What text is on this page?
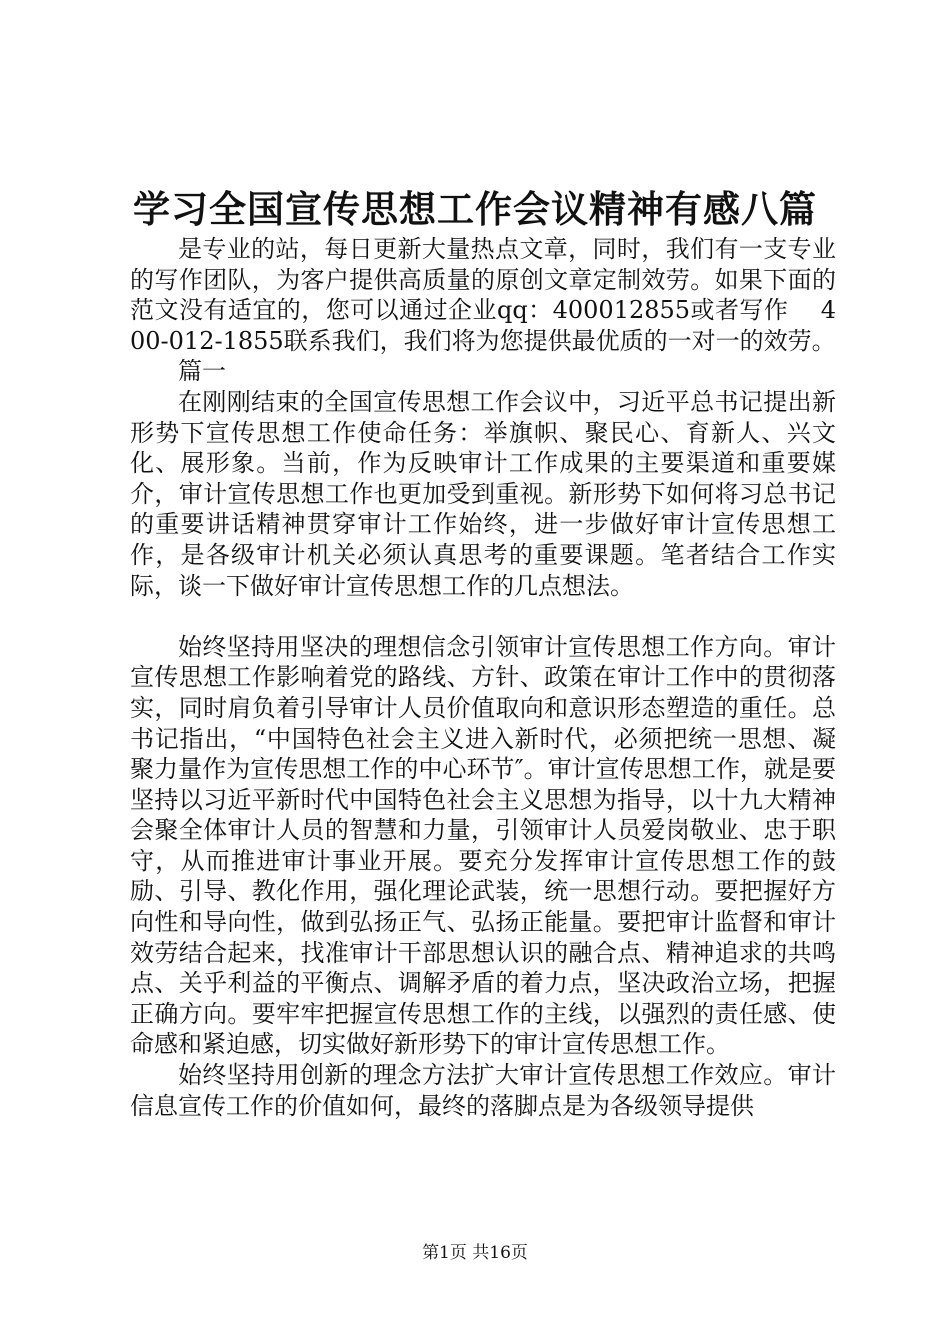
学习全国宣传思想工作会议精神有感八篇

是专业的站，每日更新大量热点文章，同时，我们有一支专业的写作团队，为客户提供高质量的原创文章定制效劳。如果下面的范文没有适宜的，您可以通过企业qq：400012855或者写作    400-012-1855联系我们，我们将为您提供最优质的一对一的效劳。

篇一

在刚刚结束的全国宣传思想工作会议中，习近平总书记提出新形势下宣传思想工作使命任务：举旗帜、聚民心、育新人、兴文化、展形象。当前，作为反映审计工作成果的主要渠道和重要媒介，审计宣传思想工作也更加受到重视。新形势下如何将习总书记的重要讲话精神贯穿审计工作始终，进一步做好审计宣传思想工作，是各级审计机关必须认真思考的重要课题。笔者结合工作实际，谈一下做好审计宣传思想工作的几点想法。

始终坚持用坚决的理想信念引领审计宣传思想工作方向。审计宣传思想工作影响着党的路线、方针、政策在审计工作中的贯彻落实，同时肩负着引导审计人员价值取向和意识形态塑造的重任。总书记指出，“中国特色社会主义进入新时代，必须把统一思想、凝聚力量作为宣传思想工作的中心环节″。审计宣传思想工作，就是要坚持以习近平新时代中国特色社会主义思想为指导，以十九大精神会聚全体审计人员的智慧和力量，引领审计人员爱岗敬业、忠于职守，从而推进审计事业开展。要充分发挥审计宣传思想工作的鼓励、引导、教化作用，强化理论武装，统一思想行动。要把握好方向性和导向性，做到弘扬正气、弘扬正能量。要把审计监督和审计效劳结合起来，找准审计干部思想认识的融合点、精神追求的共鸣点、关乎利益的平衡点、调解矛盾的着力点，坚决政治立场，把握正确方向。要牢牢把握宣传思想工作的主线，以强烈的责任感、使命感和紧迫感，切实做好新形势下的审计宣传思想工作。

始终坚持用创新的理念方法扩大审计宣传思想工作效应。审计信息宣传工作的价值如何，最终的落脚点是为各级领导提供

第1页 共16页
